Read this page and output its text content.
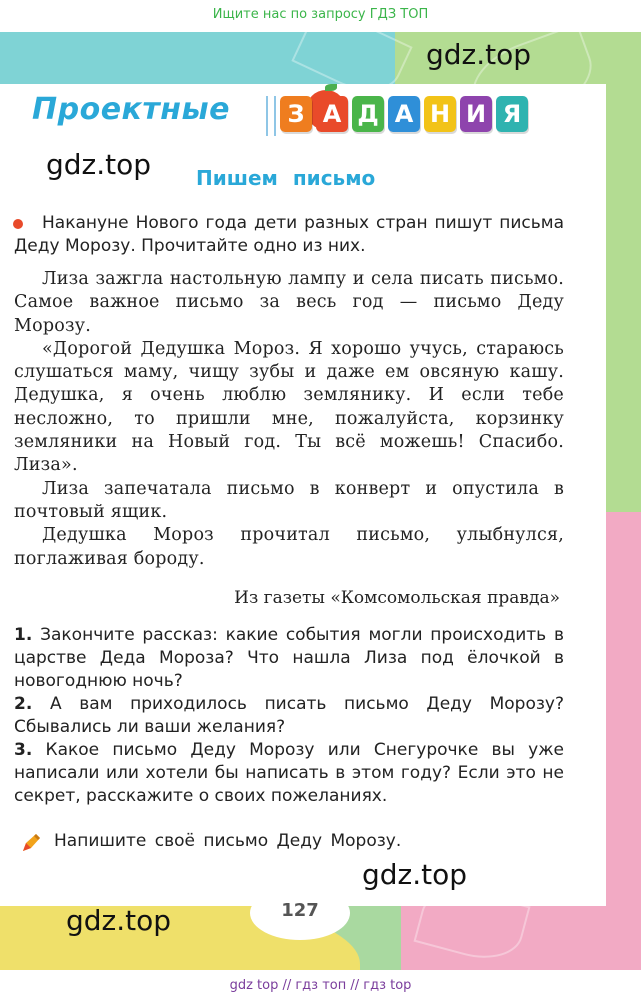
Ищите нас по запросу ГДЗ ТОП
Проектные	З А Д А Н И Я
gdz.top
gdz.top
gdz.top
gdz.top
Пишем письмо

Накануне Нового года дети разных стран пишут письма Деду Морозу. Прочитайте одно из них.

Лиза зажгла настольную лампу и села писать письмо. Самое важное письмо за весь год — письмо Деду Морозу.

«Дорогой Дедушка Мороз. Я хорошо учусь, стараюсь слушаться маму, чищу зубы и даже ем овсяную кашу. Дедушка, я очень люблю землянику. И если тебе несложно, то пришли мне, пожалуйста, корзинку земляники на Новый год. Ты всё можешь! Спасибо. Лиза».

Лиза запечатала письмо в конверт и опустила в почтовый ящик.

Дедушка Мороз прочитал письмо, улыбнулся, поглаживая бороду.

Из газеты «Комсомольская правда»

1. Закончите рассказ: какие события могли происходить в царстве Деда Мороза? Что нашла Лиза под ёлочкой в новогоднюю ночь?

2. А вам приходилось писать письмо Деду Морозу? Сбывались ли ваши желания?

3. Какое письмо Деду Морозу или Снегурочке вы уже написали или хотели бы написать в этом году? Если это не секрет, расскажите о своих пожеланиях.

Напишите своё письмо Деду Морозу.
127
gdz top // гдз топ // гдз top
